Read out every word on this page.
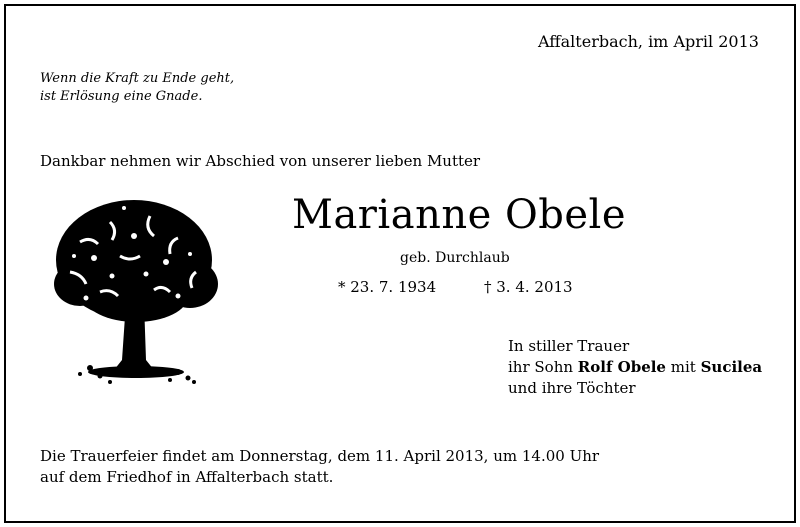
Affalterbach, im April 2013
Wenn die Kraft zu Ende geht,
ist Erlösung eine Gnade.
Dankbar nehmen wir Abschied von unserer lieben Mutter
Marianne Obele
geb. Durchlaub
* 23. 7. 1934	† 3. 4. 2013
In stiller Trauer
ihr Sohn Rolf Obele mit Sucilea
und ihre Töchter
Die Trauerfeier findet am Donnerstag, dem 11. April 2013, um 14.00 Uhr
auf dem Friedhof in Affalterbach statt.
